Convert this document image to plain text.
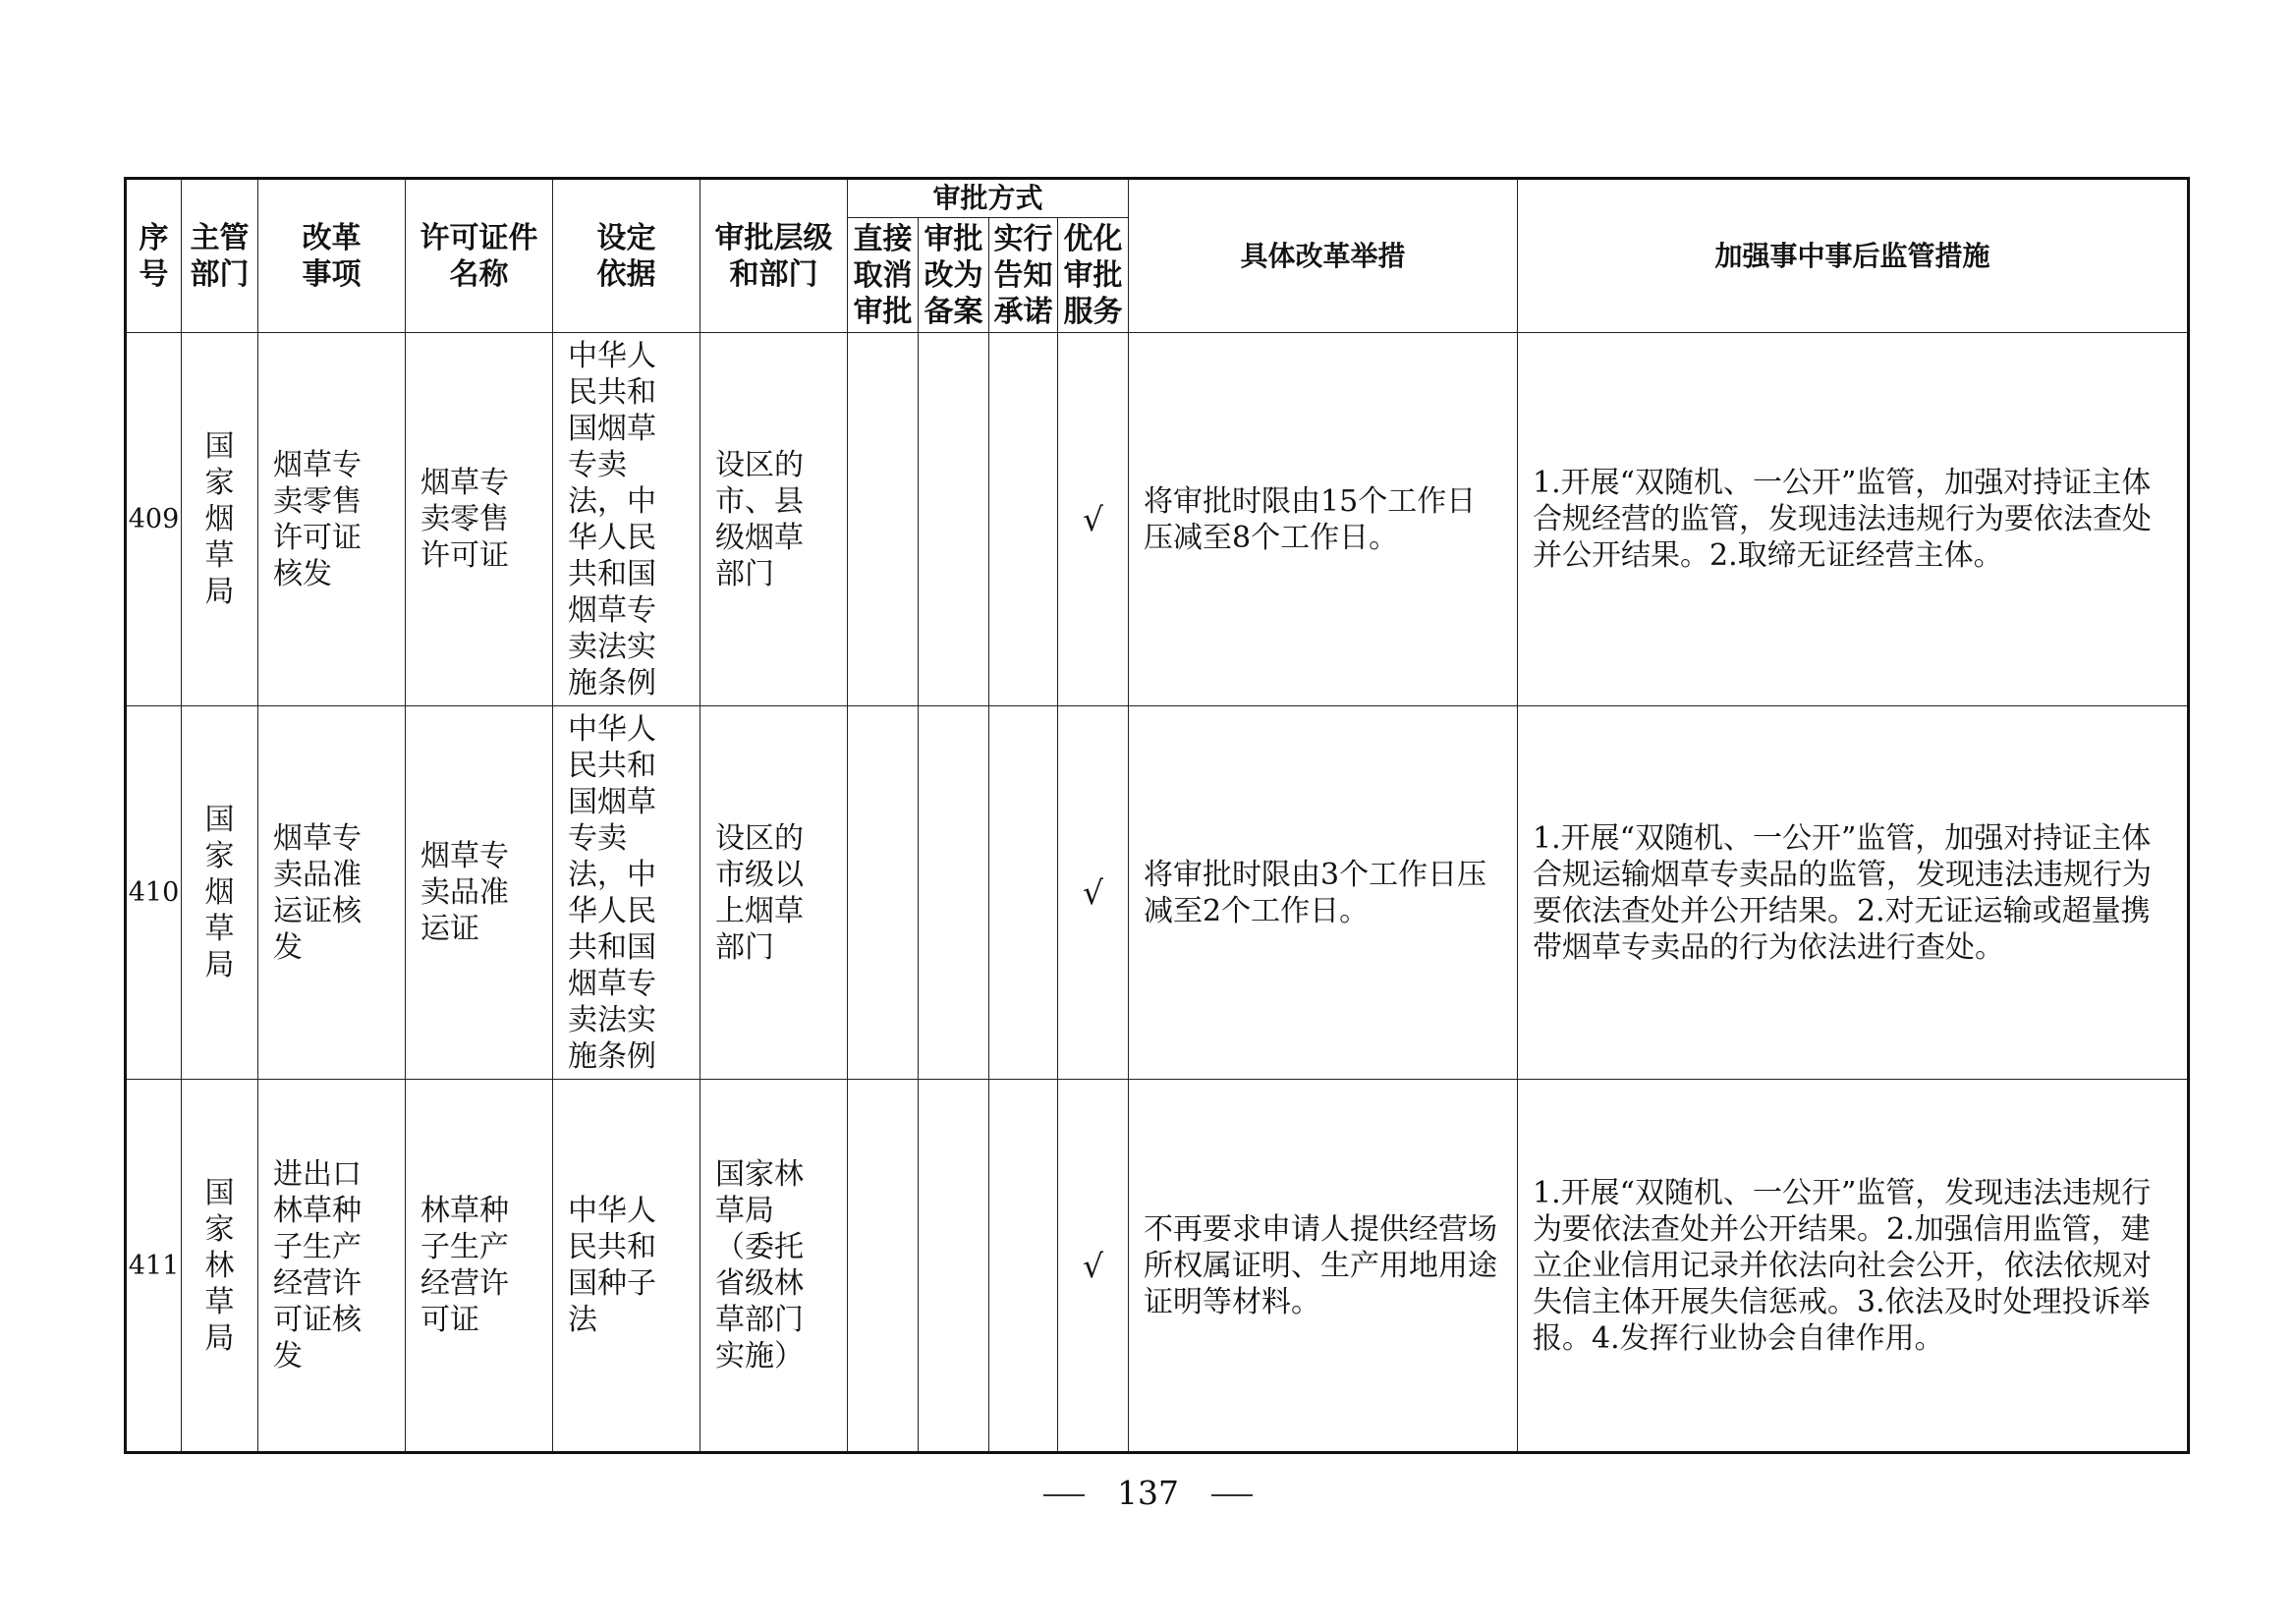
序号	主管部门	改革事项	许可证件名称	设定依据	审批层级和部门	审批方式				具体改革举措	加强事中事后监管措施

						直接取消审批	审批改为备案	实行告知承诺	优化审批服务		

409	国家烟草局	烟草专卖零售许可证核发	烟草专卖零售许可证	中华人民共和国烟草专卖法，中华人民共和国烟草专卖法实施条例	设区的市、县级烟草部门				√	将审批时限由15个工作日压减至8个工作日。	1.开展“双随机、一公开”监管，加强对持证主体合规经营的监管，发现违法违规行为要依法查处并公开结果。2.取缔无证经营主体。

410	国家烟草局	烟草专卖品准运证核发	烟草专卖品准运证	中华人民共和国烟草专卖法，中华人民共和国烟草专卖法实施条例	设区的市级以上烟草部门				√	将审批时限由3个工作日压减至2个工作日。	1.开展“双随机、一公开”监管，加强对持证主体合规运输烟草专卖品的监管，发现违法违规行为要依法查处并公开结果。2.对无证运输或超量携带烟草专卖品的行为依法进行查处。

411	国家林草局	进出口林草种子生产经营许可证核发	林草种子生产经营许可证	中华人民共和国种子法	国家林草局（委托省级林草部门实施）				√	不再要求申请人提供经营场所权属证明、生产用地用途证明等材料。	1.开展“双随机、一公开”监管，发现违法违规行为要依法查处并公开结果。2.加强信用监管，建立企业信用记录并依法向社会公开，依法依规对失信主体开展失信惩戒。3.依法及时处理投诉举报。4.发挥行业协会自律作用。
137
